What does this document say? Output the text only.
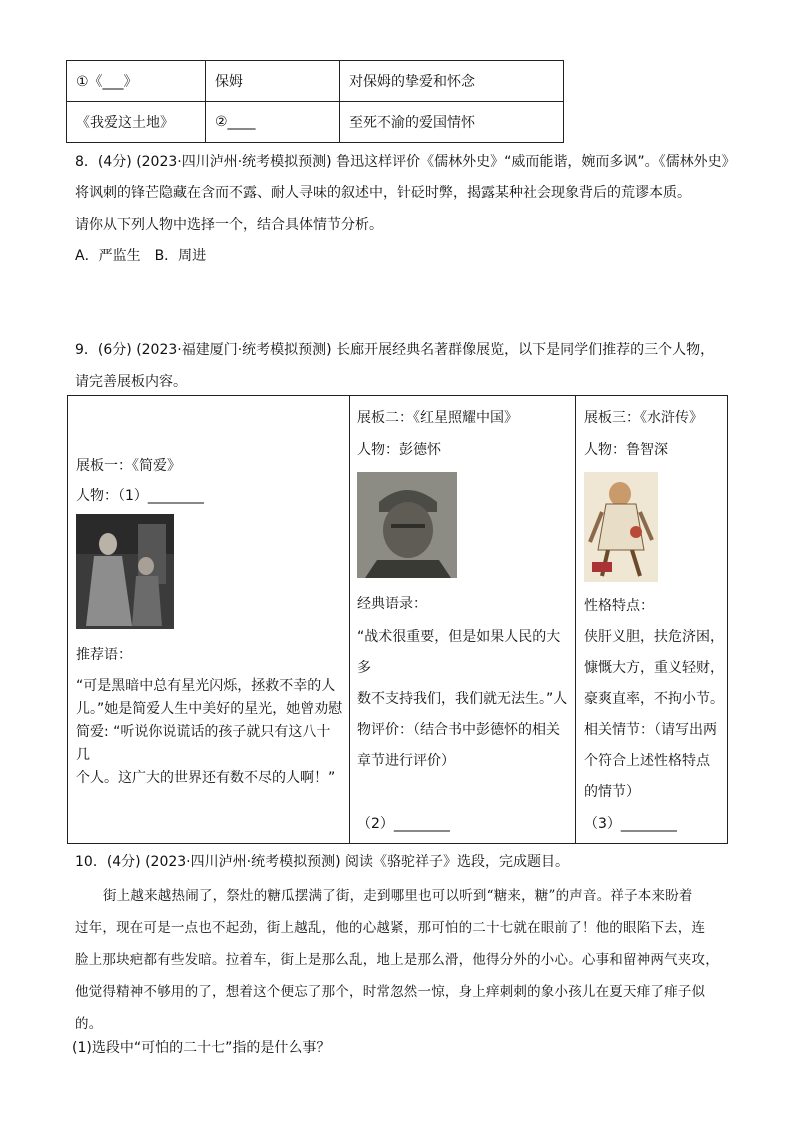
①《___》	保姆	对保姆的挚爱和怀念
《我爱这土地》	②____	至死不渝的爱国情怀
8．(4分) (2023·四川泸州·统考模拟预测) 鲁迅这样评价《儒林外史》“威而能谐，婉而多讽”。《儒林外史》
将讽刺的锋芒隐藏在含而不露、耐人寻味的叙述中，针砭时弊，揭露某种社会现象背后的荒谬本质。
请你从下列人物中选择一个，结合具体情节分析。
A．严监生　B．周进
9．(6分) (2023·福建厦门·统考模拟预测) 长廊开展经典名著群像展览，以下是同学们推荐的三个人物，
请完善展板内容。
展板一：《简爱》
人物：（1）________
推荐语：
“可是黑暗中总有星光闪烁，拯救不幸的人
儿。”她是简爱人生中美好的星光，她曾劝慰
简爱: “听说你说谎话的孩子就只有这八十几
个人。这广大的世界还有数不尽的人啊！”
展板二：《红星照耀中国》
人物：彭德怀
经典语录：
“战术很重要，但是如果人民的大多
数不支持我们，我们就无法生。”人
物评价：（结合书中彭德怀的相关
章节进行评价）
（2）________
展板三：《水浒传》
人物：鲁智深
性格特点：
侠肝义胆，扶危济困，
慷慨大方，重义轻财，
豪爽直率，不拘小节。
相关情节：（请写出两
个符合上述性格特点
的情节）
（3）________
10．(4分) (2023·四川泸州·统考模拟预测) 阅读《骆驼祥子》选段，完成题目。
街上越来越热闹了，祭灶的糖瓜摆满了街，走到哪里也可以听到“糖来，糖”的声音。祥子本来盼着
过年，现在可是一点也不起劲，街上越乱，他的心越紧，那可怕的二十七就在眼前了！他的眼陷下去，连
脸上那块疤都有些发暗。拉着车，街上是那么乱，地上是那么滑，他得分外的小心。心事和留神两气夹攻，
他觉得精神不够用的了，想着这个便忘了那个，时常忽然一惊，身上痒刺刺的象小孩儿在夏天痱了痱子似
的。
(1)选段中“可怕的二十七”指的是什么事？
